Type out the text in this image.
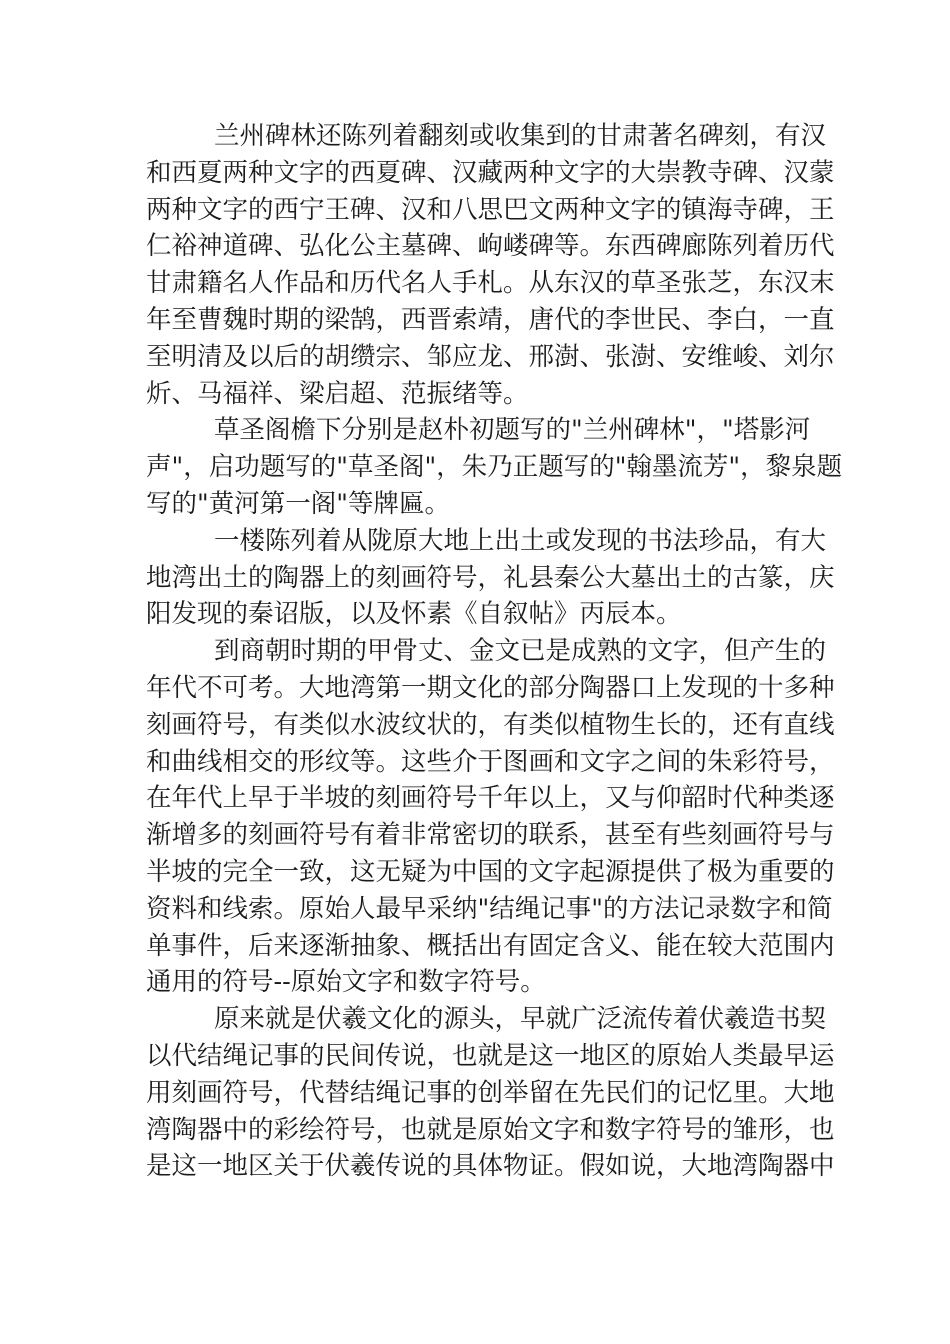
兰州碑林还陈列着翻刻或收集到的甘肃著名碑刻，有汉
和西夏两种文字的西夏碑、汉藏两种文字的大崇教寺碑、汉蒙
两种文字的西宁王碑、汉和八思巴文两种文字的镇海寺碑，王
仁裕神道碑、弘化公主墓碑、岣嵝碑等。东西碑廊陈列着历代
甘肃籍名人作品和历代名人手札。从东汉的草圣张芝，东汉末
年至曹魏时期的梁鹄，西晋索靖，唐代的李世民、李白，一直
至明清及以后的胡缵宗、邹应龙、邢澍、张澍、安维峻、刘尔
炘、马福祥、梁启超、范振绪等。
草圣阁檐下分别是赵朴初题写的"兰州碑林"，"塔影河
声"，启功题写的"草圣阁"，朱乃正题写的"翰墨流芳"，黎泉题
写的"黄河第一阁"等牌匾。
一楼陈列着从陇原大地上出土或发现的书法珍品，有大
地湾出土的陶器上的刻画符号，礼县秦公大墓出土的古篆，庆
阳发现的秦诏版，以及怀素《自叙帖》丙辰本。
到商朝时期的甲骨丈、金文已是成熟的文字，但产生的
年代不可考。大地湾第一期文化的部分陶器口上发现的十多种
刻画符号，有类似水波纹状的，有类似植物生长的，还有直线
和曲线相交的形纹等。这些介于图画和文字之间的朱彩符号，
在年代上早于半坡的刻画符号千年以上，又与仰韶时代种类逐
渐增多的刻画符号有着非常密切的联系，甚至有些刻画符号与
半坡的完全一致，这无疑为中国的文字起源提供了极为重要的
资料和线索。原始人最早采纳"结绳记事"的方法记录数字和简
单事件，后来逐渐抽象、概括出有固定含义、能在较大范围内
通用的符号--原始文字和数字符号。
原来就是伏羲文化的源头，早就广泛流传着伏羲造书契
以代结绳记事的民间传说，也就是这一地区的原始人类最早运
用刻画符号，代替结绳记事的创举留在先民们的记忆里。大地
湾陶器中的彩绘符号，也就是原始文字和数字符号的雏形，也
是这一地区关于伏羲传说的具体物证。假如说，大地湾陶器中
